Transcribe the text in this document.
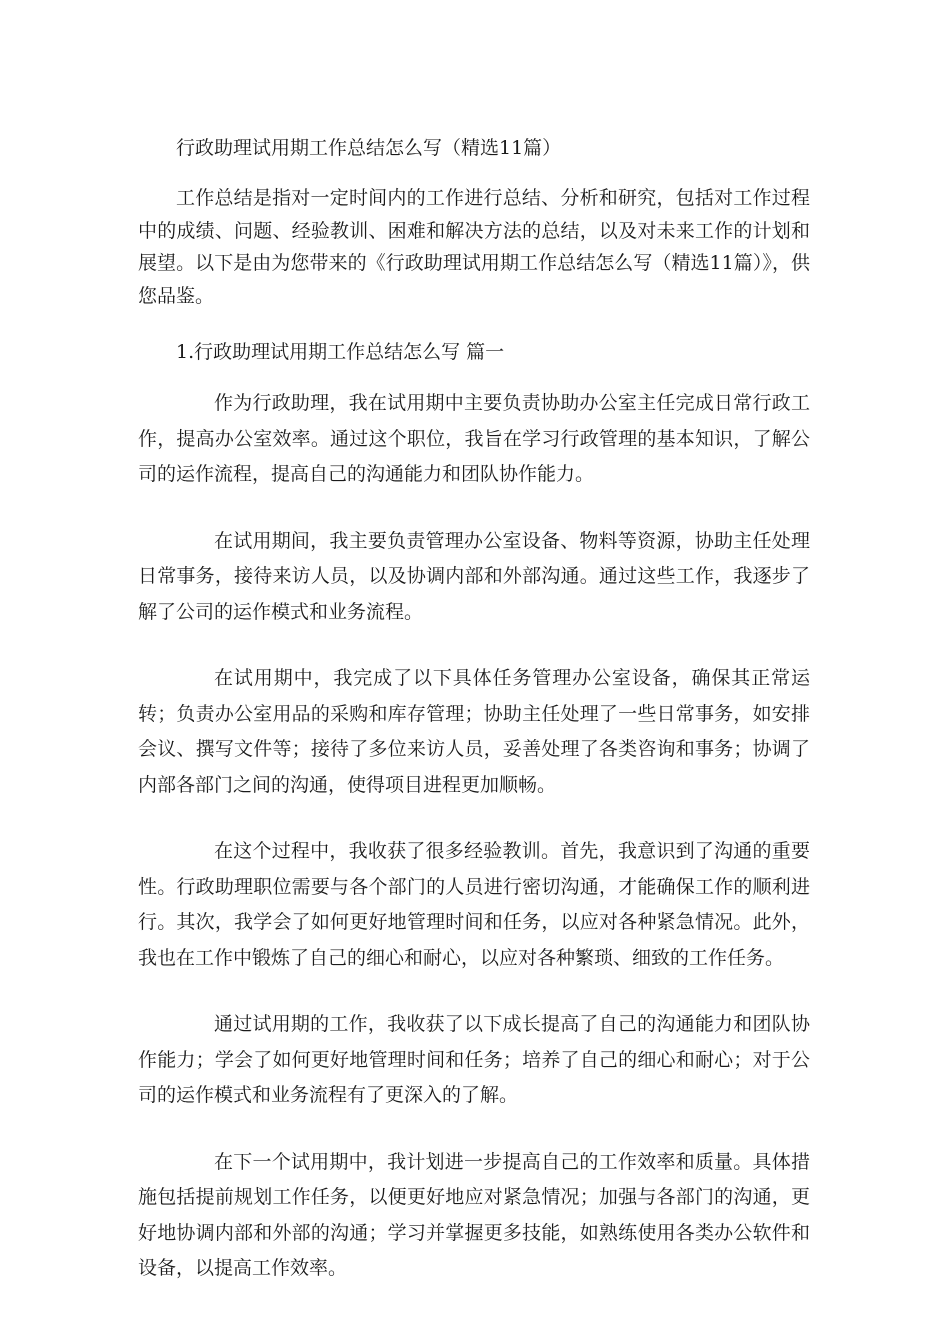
行政助理试用期工作总结怎么写（精选11篇）

工作总结是指对一定时间内的工作进行总结、分析和研究，包括对工作过程中的成绩、问题、经验教训、困难和解决方法的总结，以及对未来工作的计划和展望。以下是由为您带来的《行政助理试用期工作总结怎么写（精选11篇）》，供您品鉴。

1.行政助理试用期工作总结怎么写 篇一

作为行政助理，我在试用期中主要负责协助办公室主任完成日常行政工作，提高办公室效率。通过这个职位，我旨在学习行政管理的基本知识，了解公司的运作流程，提高自己的沟通能力和团队协作能力。

在试用期间，我主要负责管理办公室设备、物料等资源，协助主任处理日常事务，接待来访人员，以及协调内部和外部沟通。通过这些工作，我逐步了解了公司的运作模式和业务流程。

在试用期中，我完成了以下具体任务管理办公室设备，确保其正常运转；负责办公室用品的采购和库存管理；协助主任处理了一些日常事务，如安排会议、撰写文件等；接待了多位来访人员，妥善处理了各类咨询和事务；协调了内部各部门之间的沟通，使得项目进程更加顺畅。

在这个过程中，我收获了很多经验教训。首先，我意识到了沟通的重要性。行政助理职位需要与各个部门的人员进行密切沟通，才能确保工作的顺利进行。其次，我学会了如何更好地管理时间和任务，以应对各种紧急情况。此外，我也在工作中锻炼了自己的细心和耐心，以应对各种繁琐、细致的工作任务。

通过试用期的工作，我收获了以下成长提高了自己的沟通能力和团队协作能力；学会了如何更好地管理时间和任务；培养了自己的细心和耐心；对于公司的运作模式和业务流程有了更深入的了解。

在下一个试用期中，我计划进一步提高自己的工作效率和质量。具体措施包括提前规划工作任务，以便更好地应对紧急情况；加强与各部门的沟通，更好地协调内部和外部的沟通；学习并掌握更多技能，如熟练使用各类办公软件和设备，以提高工作效率。
